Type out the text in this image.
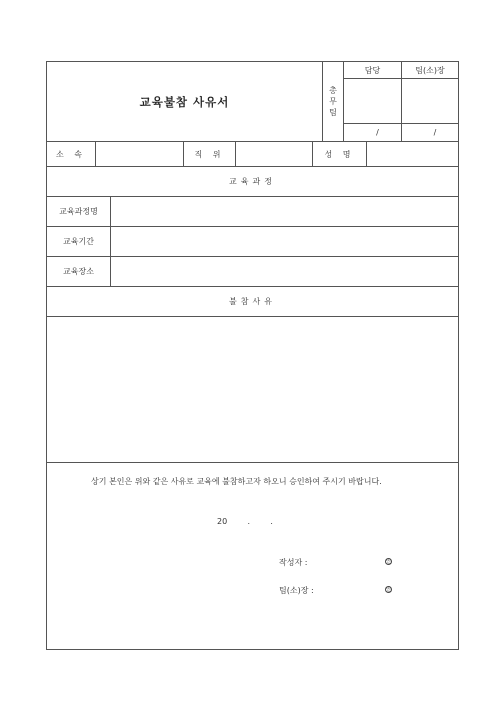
교육불참 사유서
총
무
팀
담당	팀(소)장
/	/
소 속	직 위	성 명
교육과정
교육과정명
교육기간
교육장소
불참사유
상기 본인은 위와 같은 사유로 교육에 불참하고자 하오니 승인하여 주시기 바랍니다.
20        .        .
작성자 :	인
팀(소)장 :	인
